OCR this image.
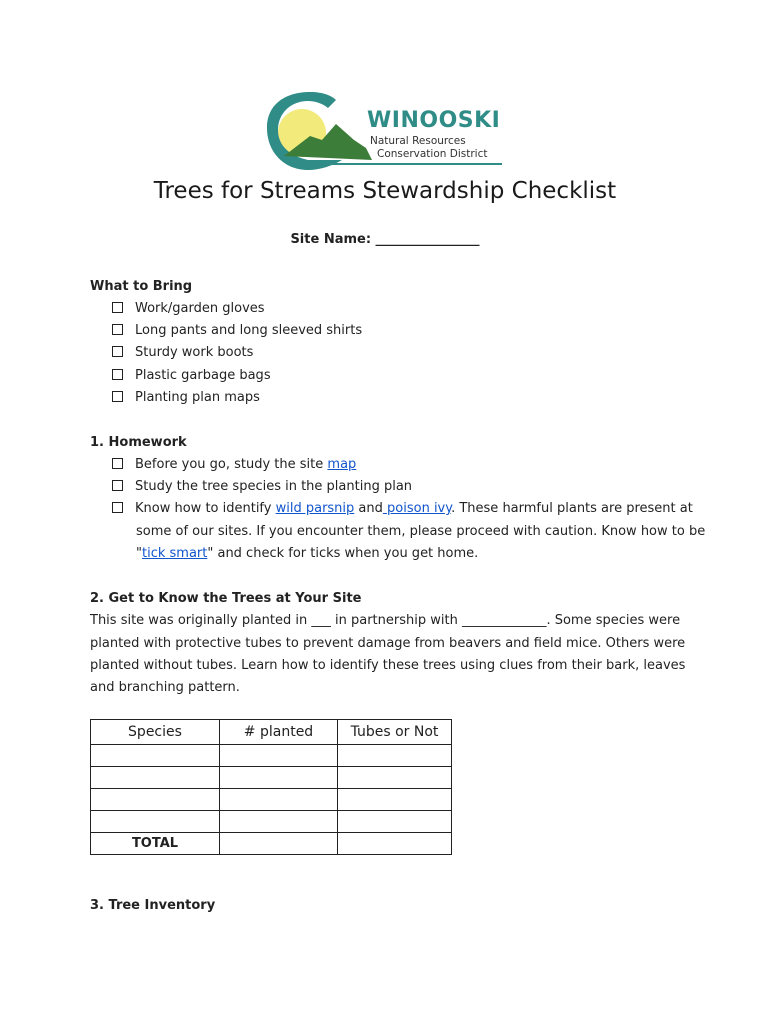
WINOOSKI
Natural Resources
Conservation District
Trees for Streams Stewardship Checklist
Site Name: ________________
What to Bring
Work/garden gloves
Long pants and long sleeved shirts
Sturdy work boots
Plastic garbage bags
Planting plan maps
1. Homework
Before you go, study the site map
Study the tree species in the planting plan
Know how to identify wild parsnip and poison ivy. These harmful plants are present at
some of our sites. If you encounter them, please proceed with caution. Know how to be
"tick smart" and check for ticks when you get home.
2. Get to Know the Trees at Your Site
This site was originally planted in ___ in partnership with _____________. Some species were
planted with protective tubes to prevent damage from beavers and field mice. Others were
planted without tubes. Learn how to identify these trees using clues from their bark, leaves
and branching pattern.
Species	# planted	Tubes or Not

TOTAL		
3. Tree Inventory
